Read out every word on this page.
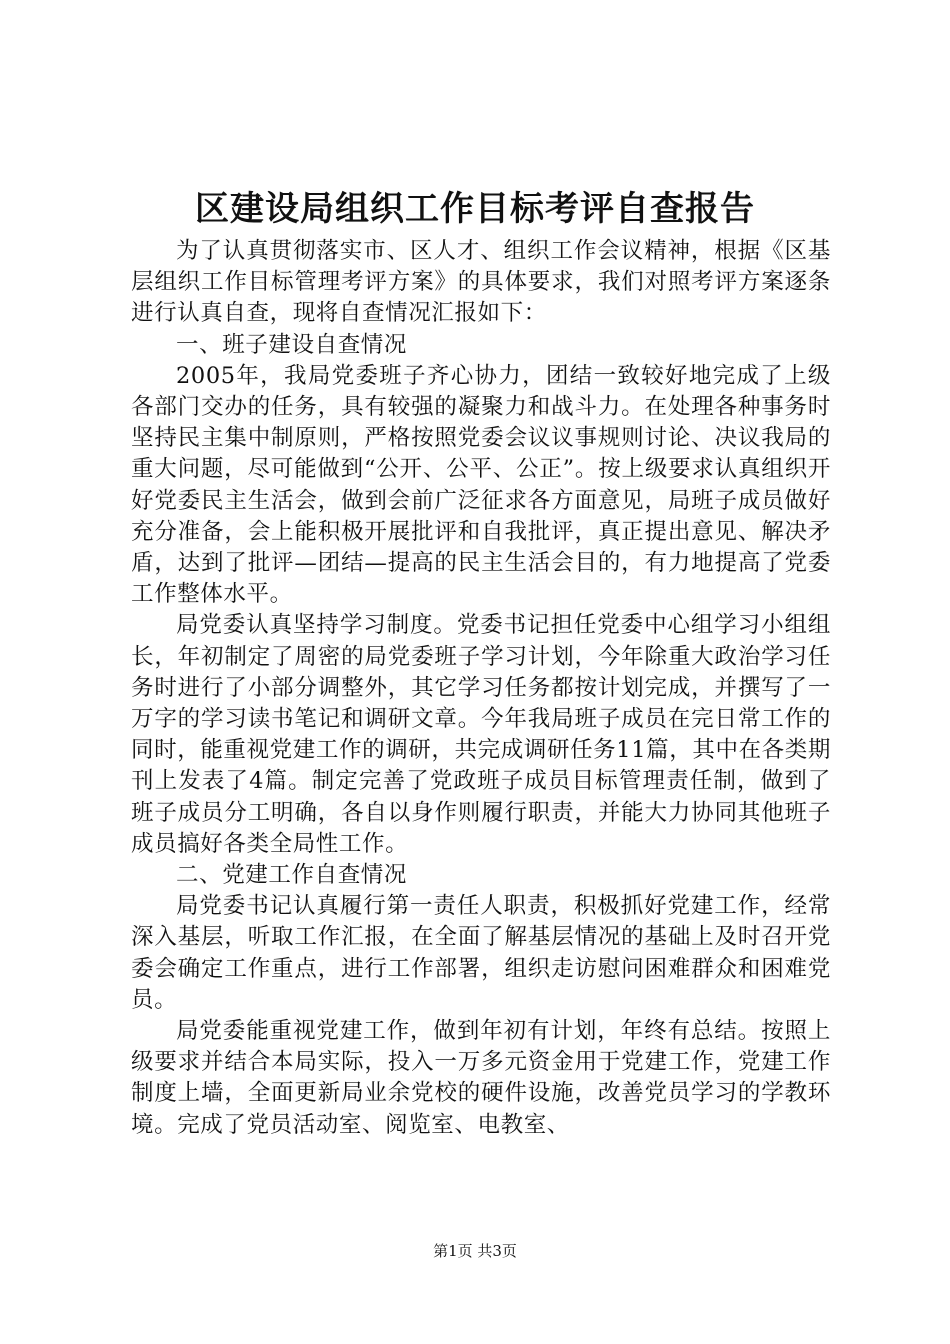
区建设局组织工作目标考评自查报告

为了认真贯彻落实市、区人才、组织工作会议精神，根据《区基层组织工作目标管理考评方案》的具体要求，我们对照考评方案逐条进行认真自查，现将自查情况汇报如下：

一、班子建设自查情况

2005年，我局党委班子齐心协力，团结一致较好地完成了上级各部门交办的任务，具有较强的凝聚力和战斗力。在处理各种事务时坚持民主集中制原则，严格按照党委会议议事规则讨论、决议我局的重大问题，尽可能做到“公开、公平、公正”。按上级要求认真组织开好党委民主生活会，做到会前广泛征求各方面意见，局班子成员做好充分准备，会上能积极开展批评和自我批评，真正提出意见、解决矛盾，达到了批评—团结—提高的民主生活会目的，有力地提高了党委工作整体水平。

局党委认真坚持学习制度。党委书记担任党委中心组学习小组组长，年初制定了周密的局党委班子学习计划，今年除重大政治学习任务时进行了小部分调整外，其它学习任务都按计划完成，并撰写了一万字的学习读书笔记和调研文章。今年我局班子成员在完日常工作的同时，能重视党建工作的调研，共完成调研任务11篇，其中在各类期刊上发表了4篇。制定完善了党政班子成员目标管理责任制，做到了班子成员分工明确，各自以身作则履行职责，并能大力协同其他班子成员搞好各类全局性工作。

二、党建工作自查情况

局党委书记认真履行第一责任人职责，积极抓好党建工作，经常深入基层，听取工作汇报，在全面了解基层情况的基础上及时召开党委会确定工作重点，进行工作部署，组织走访慰问困难群众和困难党员。

局党委能重视党建工作，做到年初有计划，年终有总结。按照上级要求并结合本局实际，投入一万多元资金用于党建工作，党建工作制度上墙，全面更新局业余党校的硬件设施，改善党员学习的学教环境。完成了党员活动室、阅览室、电教室、

第1页 共3页
